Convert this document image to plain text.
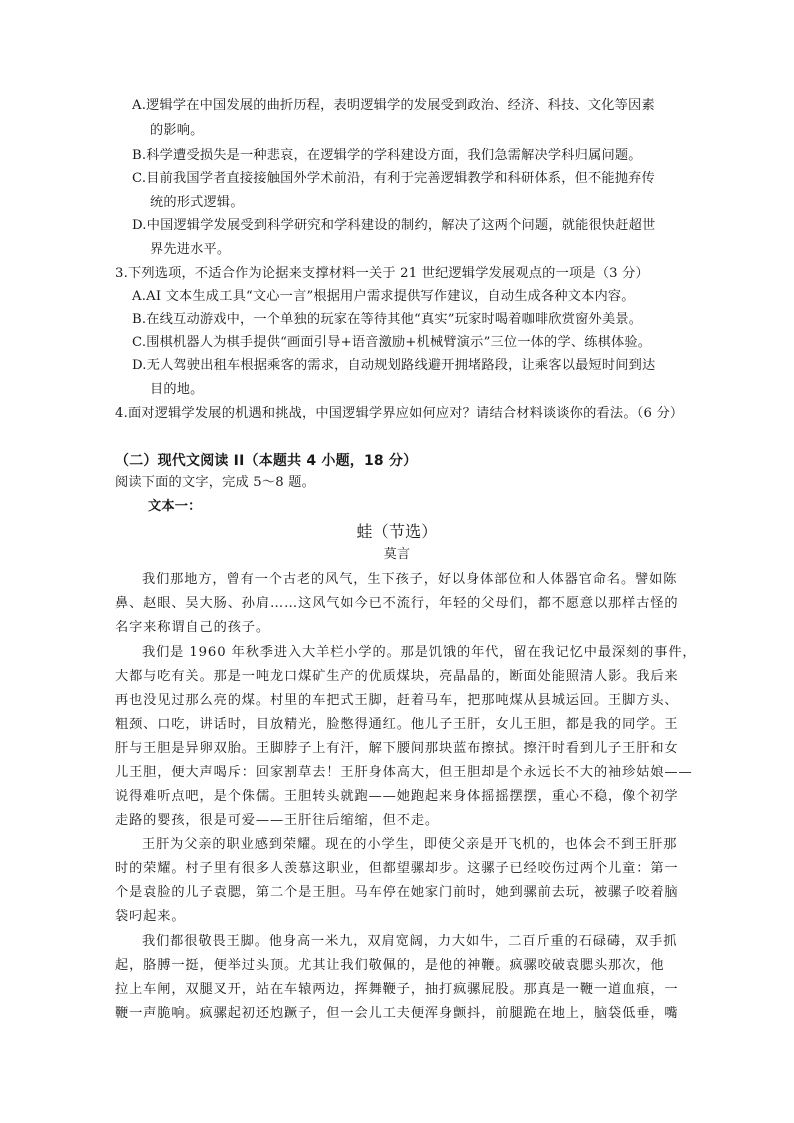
A.逻辑学在中国发展的曲折历程，表明逻辑学的发展受到政治、经济、科技、文化等因素
的影响。
B.科学遭受损失是一种悲哀，在逻辑学的学科建设方面，我们急需解决学科归属问题。
C.目前我国学者直接接触国外学术前沿，有利于完善逻辑教学和科研体系，但不能抛弃传
统的形式逻辑。
D.中国逻辑学发展受到科学研究和学科建设的制约，解决了这两个问题，就能很快赶超世
界先进水平。
3.下列选项，不适合作为论据来支撑材料一关于 21 世纪逻辑学发展观点的一项是（3 分）
A.AI 文本生成工具“文心一言”根据用户需求提供写作建议，自动生成各种文本内容。
B.在线互动游戏中，一个单独的玩家在等待其他“真实”玩家时喝着咖啡欣赏窗外美景。
C.围棋机器人为棋手提供“画面引导+语音激励+机械臂演示”三位一体的学、练棋体验。
D.无人驾驶出租车根据乘客的需求，自动规划路线避开拥堵路段，让乘客以最短时间到达
目的地。
4.面对逻辑学发展的机遇和挑战，中国逻辑学界应如何应对？请结合材料谈谈你的看法。（6 分）
（二）现代文阅读 II（本题共 4 小题，18 分）
阅读下面的文字，完成 5～8 题。
文本一：
蛙（节选）
莫言
我们那地方，曾有一个古老的风气，生下孩子，好以身体部位和人体器官命名。譬如陈
鼻、赵眼、吴大肠、孙肩……这风气如今已不流行，年轻的父母们，都不愿意以那样古怪的
名字来称谓自己的孩子。
我们是 1960 年秋季进入大羊栏小学的。那是饥饿的年代，留在我记忆中最深刻的事件，
大都与吃有关。那是一吨龙口煤矿生产的优质煤块，亮晶晶的，断面处能照清人影。我后来
再也没见过那么亮的煤。村里的车把式王脚，赶着马车，把那吨煤从县城运回。王脚方头、
粗颈、口吃，讲话时，目放精光，脸憋得通红。他儿子王肝，女儿王胆，都是我的同学。王
肝与王胆是异卵双胎。王脚脖子上有汗，解下腰间那块蓝布擦拭。擦汗时看到儿子王肝和女
儿王胆，便大声喝斥：回家割草去！王肝身体高大，但王胆却是个永远长不大的袖珍姑娘——
说得难听点吧，是个侏儒。王胆转头就跑——她跑起来身体摇摇摆摆，重心不稳，像个初学
走路的婴孩，很是可爱——王肝往后缩缩，但不走。
王肝为父亲的职业感到荣耀。现在的小学生，即使父亲是开飞机的，也体会不到王肝那
时的荣耀。村子里有很多人羡慕这职业，但都望骡却步。这骡子已经咬伤过两个儿童：第一
个是袁脸的儿子袁腮，第二个是王胆。马车停在她家门前时，她到骡前去玩，被骡子咬着脑
袋叼起来。
我们都很敬畏王脚。他身高一米九，双肩宽阔，力大如牛，二百斤重的石碌碡，双手抓
起，胳膊一挺，便举过头顶。尤其让我们敬佩的，是他的神鞭。疯骡咬破袁腮头那次，他
拉上车闸，双腿叉开，站在车辕两边，挥舞鞭子，抽打疯骡屁股。那真是一鞭一道血痕，一
鞭一声脆响。疯骡起初还尥蹶子，但一会儿工夫便浑身颤抖，前腿跪在地上，脑袋低垂，嘴
